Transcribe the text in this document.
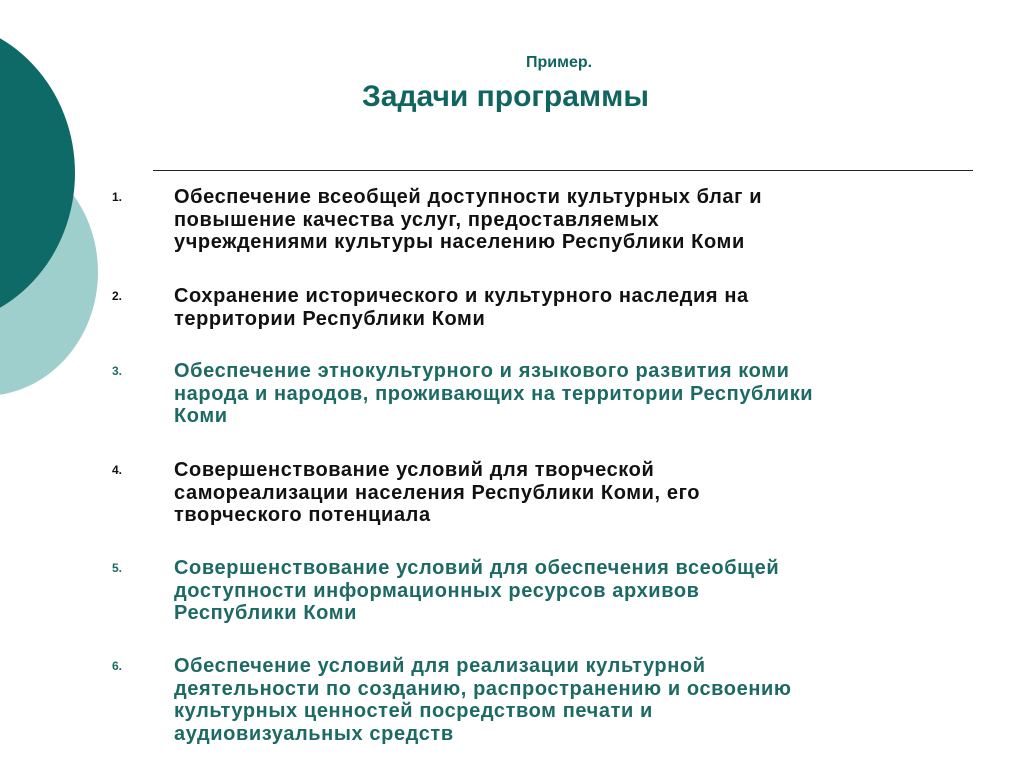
Пример.
Задачи программы
1.	Обеспечение всеобщей доступности культурных благ и
повышение качества услуг, предоставляемых
учреждениями культуры населению Республики Коми
2.	Сохранение исторического и культурного наследия на
территории Республики Коми
3.	Обеспечение этнокультурного и языкового развития коми
народа и народов, проживающих на территории Республики
Коми
4.	Совершенствование условий для творческой
самореализации населения Республики Коми, его
творческого потенциала
5.	Совершенствование условий для обеспечения всеобщей
доступности информационных ресурсов архивов
Республики Коми
6.	Обеспечение условий для реализации культурной
деятельности по созданию, распространению и освоению
культурных ценностей посредством печати и
аудиовизуальных средств
